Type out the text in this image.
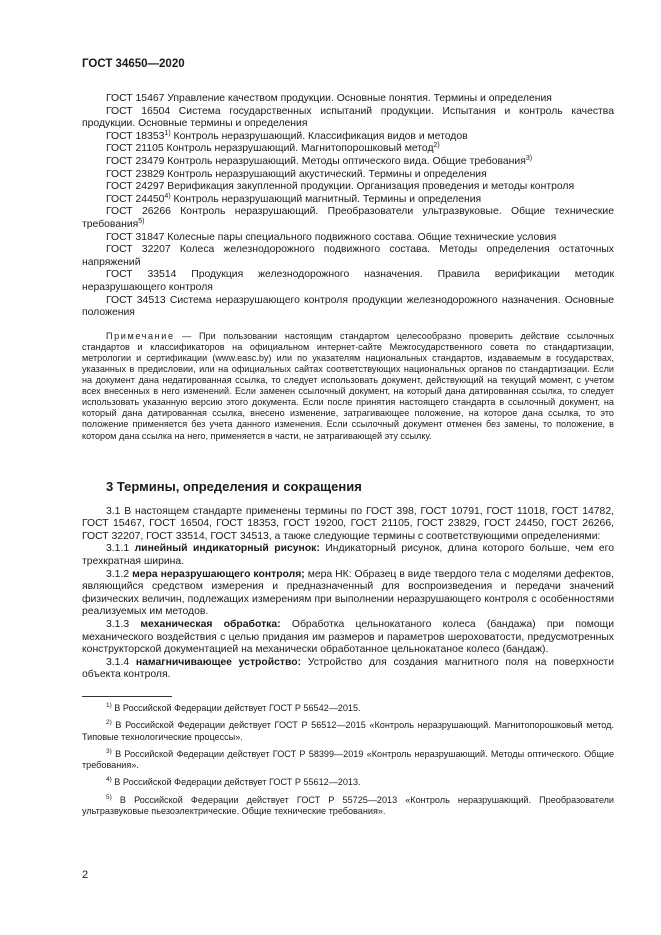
ГОСТ 34650—2020

ГОСТ 15467 Управление качеством продукции. Основные понятия. Термины и определения

ГОСТ 16504 Система государственных испытаний продукции. Испытания и контроль качества продукции. Основные термины и определения

ГОСТ 18353$^{1)}$ Контроль неразрушающий. Классификация видов и методов

ГОСТ 21105 Контроль неразрушающий. Магнитопорошковый метод$^{2)}$

ГОСТ 23479 Контроль неразрушающий. Методы оптического вида. Общие требования$^{3)}$

ГОСТ 23829 Контроль неразрушающий акустический. Термины и определения

ГОСТ 24297 Верификация закупленной продукции. Организация проведения и методы контроля

ГОСТ 24450$^{4)}$ Контроль неразрушающий магнитный. Термины и определения

ГОСТ 26266 Контроль неразрушающий. Преобразователи ультразвуковые. Общие технические требования$^{5)}$

ГОСТ 31847 Колесные пары специального подвижного состава. Общие технические условия

ГОСТ 32207 Колеса железнодорожного подвижного состава. Методы определения остаточных напряжений

ГОСТ 33514 Продукция железнодорожного назначения. Правила верификации методик неразрушающего контроля

ГОСТ 34513 Система неразрушающего контроля продукции железнодорожного назначения. Основные положения

Примечание — При пользовании настоящим стандартом целесообразно проверить действие ссылочных стандартов и классификаторов на официальном интернет-сайте Межгосударственного совета по стандартизации, метрологии и сертификации (www.easc.by) или по указателям национальных стандартов, издаваемым в государствах, указанных в предисловии, или на официальных сайтах соответствующих национальных органов по стандартизации. Если на документ дана недатированная ссылка, то следует использовать документ, действующий на текущий момент, с учетом всех внесенных в него изменений. Если заменен ссылочный документ, на который дана датированная ссылка, то следует использовать указанную версию этого документа. Если после принятия настоящего стандарта в ссылочный документ, на который дана датированная ссылка, внесено изменение, затрагивающее положение, на которое дана ссылка, то это положение применяется без учета данного изменения. Если ссылочный документ отменен без замены, то положение, в котором дана ссылка на него, применяется в части, не затрагивающей эту ссылку.

3 Термины, определения и сокращения

3.1 В настоящем стандарте применены термины по ГОСТ 398, ГОСТ 10791, ГОСТ 11018, ГОСТ 14782, ГОСТ 15467, ГОСТ 16504, ГОСТ 18353, ГОСТ 19200, ГОСТ 21105, ГОСТ 23829, ГОСТ 24450, ГОСТ 26266, ГОСТ 32207, ГОСТ 33514, ГОСТ 34513, а также следующие термины с соответствующими определениями:

3.1.1 линейный индикаторный рисунок: Индикаторный рисунок, длина которого больше, чем его трехкратная ширина.

3.1.2 мера неразрушающего контроля; мера НК: Образец в виде твердого тела с моделями дефектов, являющийся средством измерения и предназначенный для воспроизведения и передачи значений физических величин, подлежащих измерениям при выполнении неразрушающего контроля с особенностями реализуемых им методов.

3.1.3 механическая обработка: Обработка цельнокатаного колеса (бандажа) при помощи механического воздействия с целью придания им размеров и параметров шероховатости, предусмотренных конструкторской документацией на механически обработанное цельнокатаное колесо (бандаж).

3.1.4 намагничивающее устройство: Устройство для создания магнитного поля на поверхности объекта контроля.

$^{1)}$ В Российской Федерации действует ГОСТ Р 56542—2015.

$^{2)}$ В Российской Федерации действует ГОСТ Р 56512—2015 «Контроль неразрушающий. Магнитопорошковый метод. Типовые технологические процессы».

$^{3)}$ В Российской Федерации действует ГОСТ Р 58399—2019 «Контроль неразрушающий. Методы оптического. Общие требования».

$^{4)}$ В Российской Федерации действует ГОСТ Р 55612—2013.

$^{5)}$ В Российской Федерации действует ГОСТ Р 55725—2013 «Контроль неразрушающий. Преобразователи ультразвуковые пьезоэлектрические. Общие технические требования».

2
